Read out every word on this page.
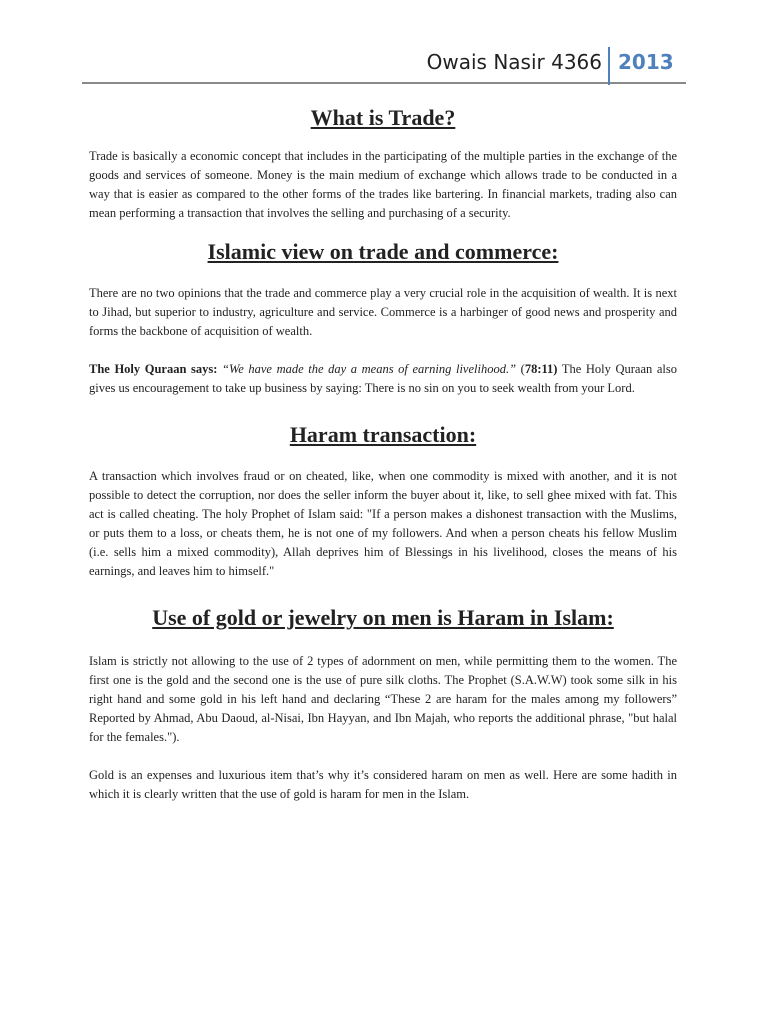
Owais Nasir 4366 2013
What is Trade?

Trade is basically a economic concept that includes in the participating of the multiple parties in the exchange of the goods and services of someone. Money is the main medium of exchange which allows trade to be conducted in a way that is easier as compared to the other forms of the trades like bartering. In financial markets, trading also can mean performing a transaction that involves the selling and purchasing of a security.

Islamic view on trade and commerce:

There are no two opinions that the trade and commerce play a very crucial role in the acquisition of wealth. It is next to Jihad, but superior to industry, agriculture and service. Commerce is a harbinger of good news and prosperity and forms the backbone of acquisition of wealth.

The Holy Quraan says: “We have made the day a means of earning livelihood.” (78:11) The Holy Quraan also gives us encouragement to take up business by saying: There is no sin on you to seek wealth from your Lord.

Haram transaction:

A transaction which involves fraud or on cheated, like, when one commodity is mixed with another, and it is not possible to detect the corruption, nor does the seller inform the buyer about it, like, to sell ghee mixed with fat. This act is called cheating. The holy Prophet of Islam said: "If a person makes a dishonest transaction with the Muslims, or puts them to a loss, or cheats them, he is not one of my followers. And when a person cheats his fellow Muslim (i.e. sells him a mixed commodity), Allah deprives him of Blessings in his livelihood, closes the means of his earnings, and leaves him to himself."

Use of gold or jewelry on men is Haram in Islam:

Islam is strictly not allowing to the use of 2 types of adornment on men, while permitting them to the women. The first one is the gold and the second one is the use of pure silk cloths. The Prophet (S.A.W.W) took some silk in his right hand and some gold in his left hand and declaring “These 2 are haram for the males among my followers” Reported by Ahmad, Abu Daoud, al-Nisai, Ibn Hayyan, and Ibn Majah, who reports the additional phrase, "but halal for the females.").

Gold is an expenses and luxurious item that’s why it’s considered haram on men as well. Here are some hadith in which it is clearly written that the use of gold is haram for men in the Islam.
